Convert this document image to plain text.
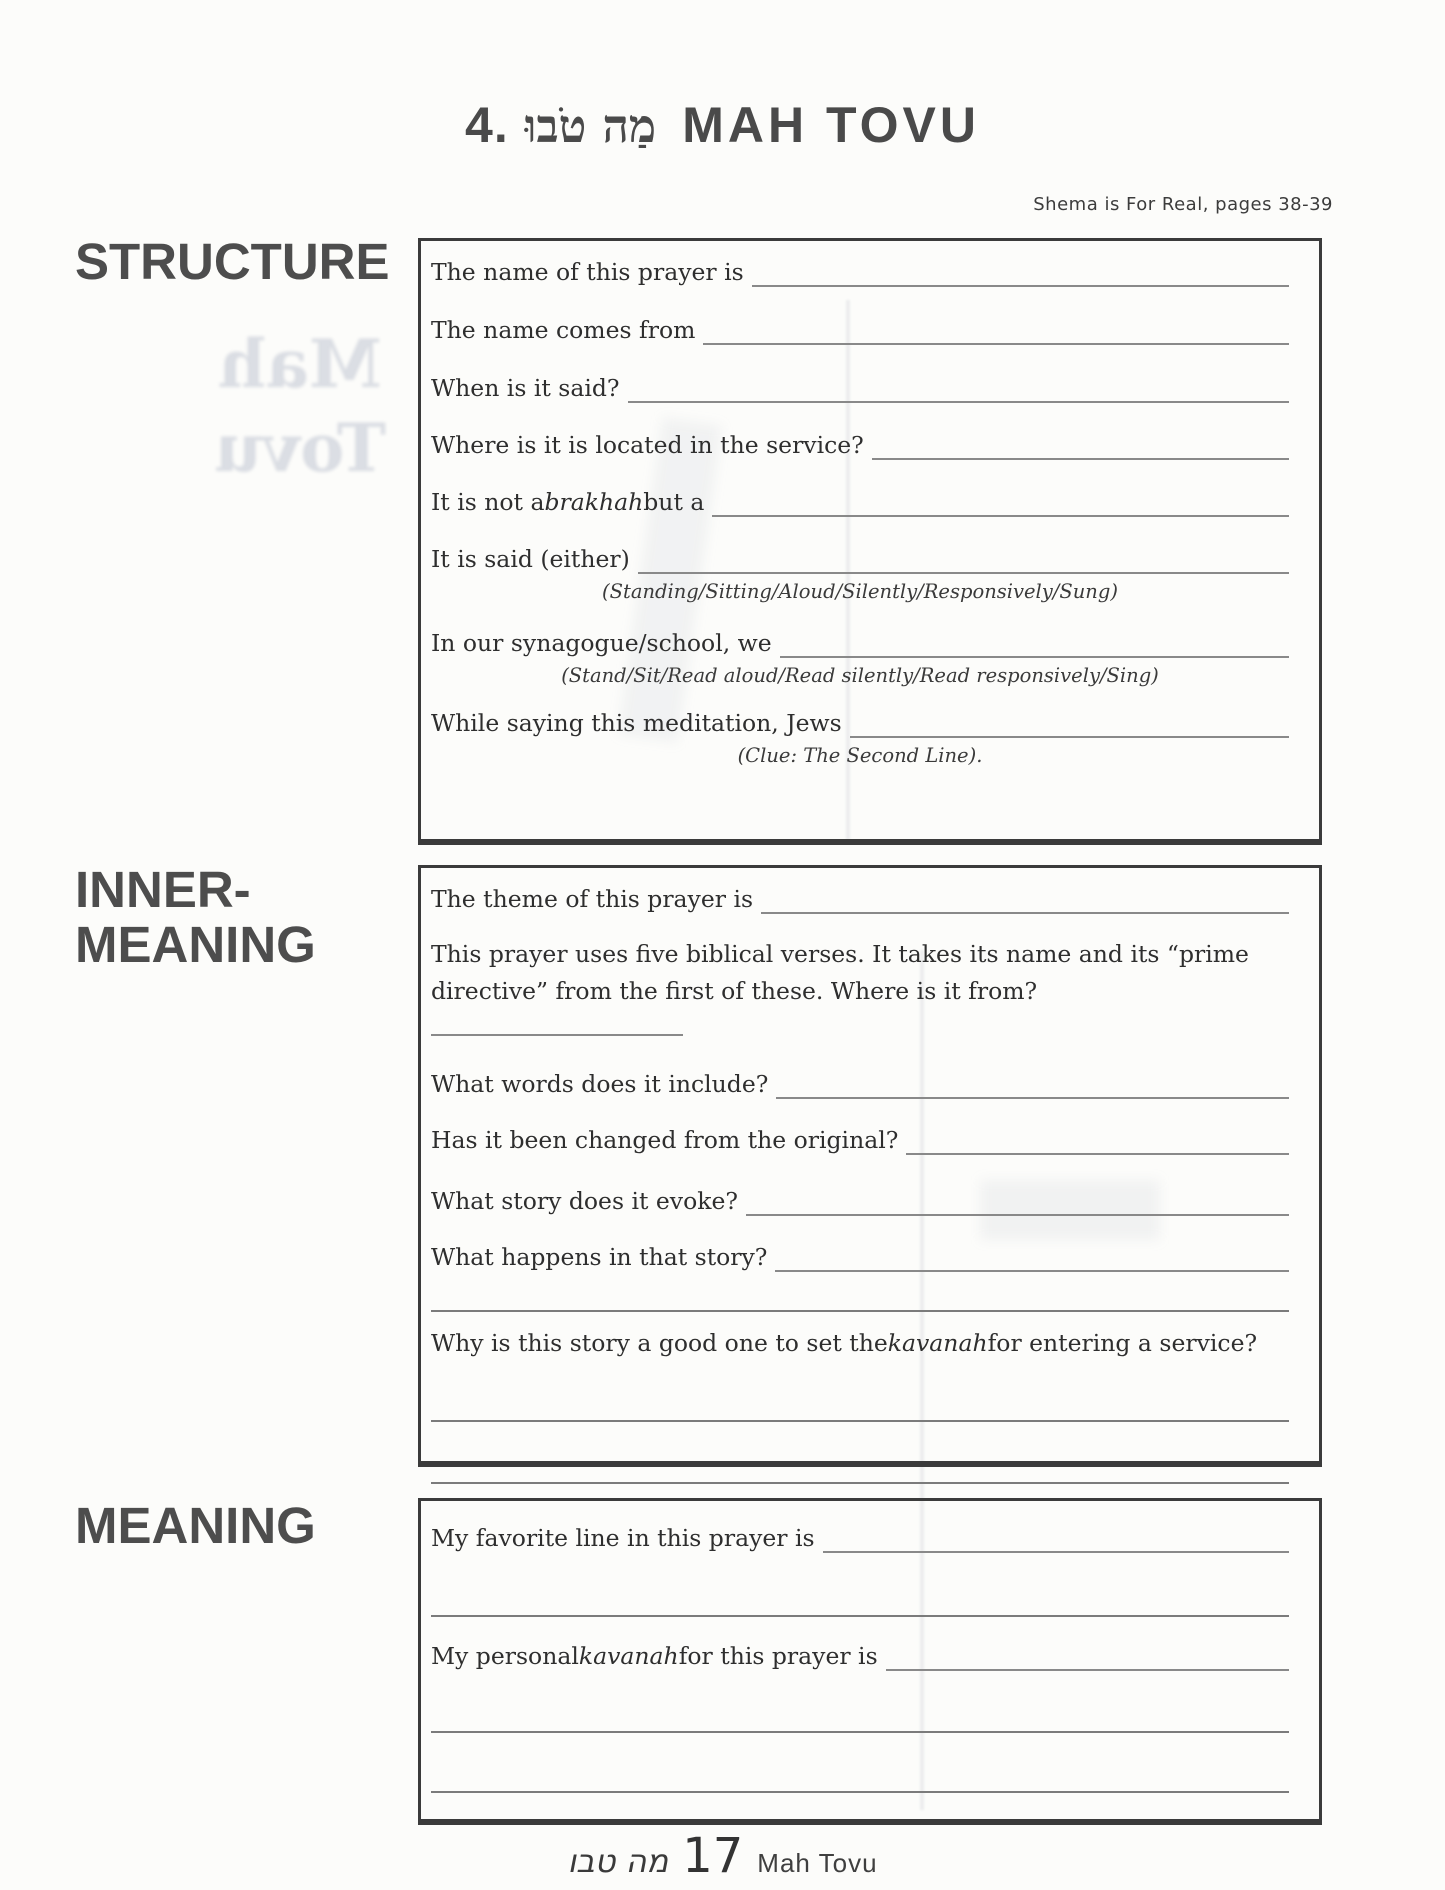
Mah
Tovu
4. מַה טֹבוּ MAH TOVU
Shema is For Real, pages 38-39
STRUCTURE The name of this prayer is
The name comes from
When is it said?
Where is it is located in the service?
It is not a brakhah but a
It is said (either)
(Standing/Sitting/Aloud/Silently/Responsively/Sung)
In our synagogue/school, we
(Stand/Sit/Read aloud/Read silently/Read responsively/Sing)
While saying this meditation, Jews
(Clue: The Second Line).
INNER-
MEANING
The theme of this prayer is
This prayer uses five biblical verses. It takes its name and its “prime directive” from the first of these. Where is it from?
What words does it include?
Has it been changed from the original?
What story does it evoke?
What happens in that story?
Why is this story a good one to set the kavanah for entering a service?
MEANING	My favorite line in this prayer is
My personal kavanah for this prayer is
מה טבו 17 Mah Tovu
